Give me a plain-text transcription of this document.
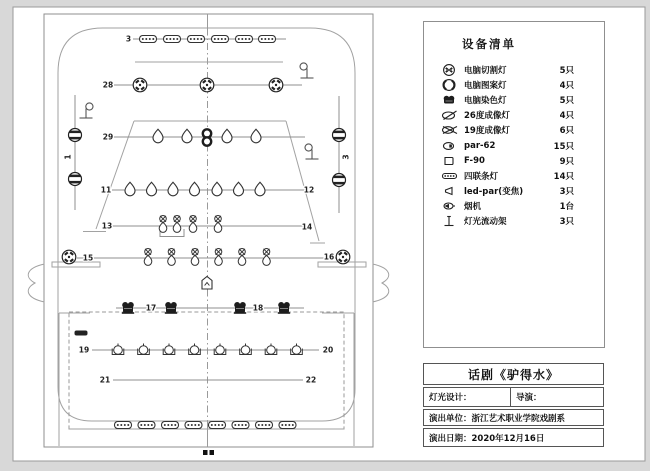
3
28
29
11	12
13	14
15	16
17	18
19	20
21	22
1	3
设备清单
电脑切割灯	5只
电脑图案灯	4只
电脑染色灯	5只
26度成像灯	4只
19度成像灯	6只
par-62	15只
F-90	9只
四联条灯	14只
led-par(变焦)	3只
烟机	1台
灯光流动架	3只
话剧《驴得水》
灯光设计：	导演：
演出单位：浙江艺术职业学院戏剧系
演出日期：2020年12月16日
